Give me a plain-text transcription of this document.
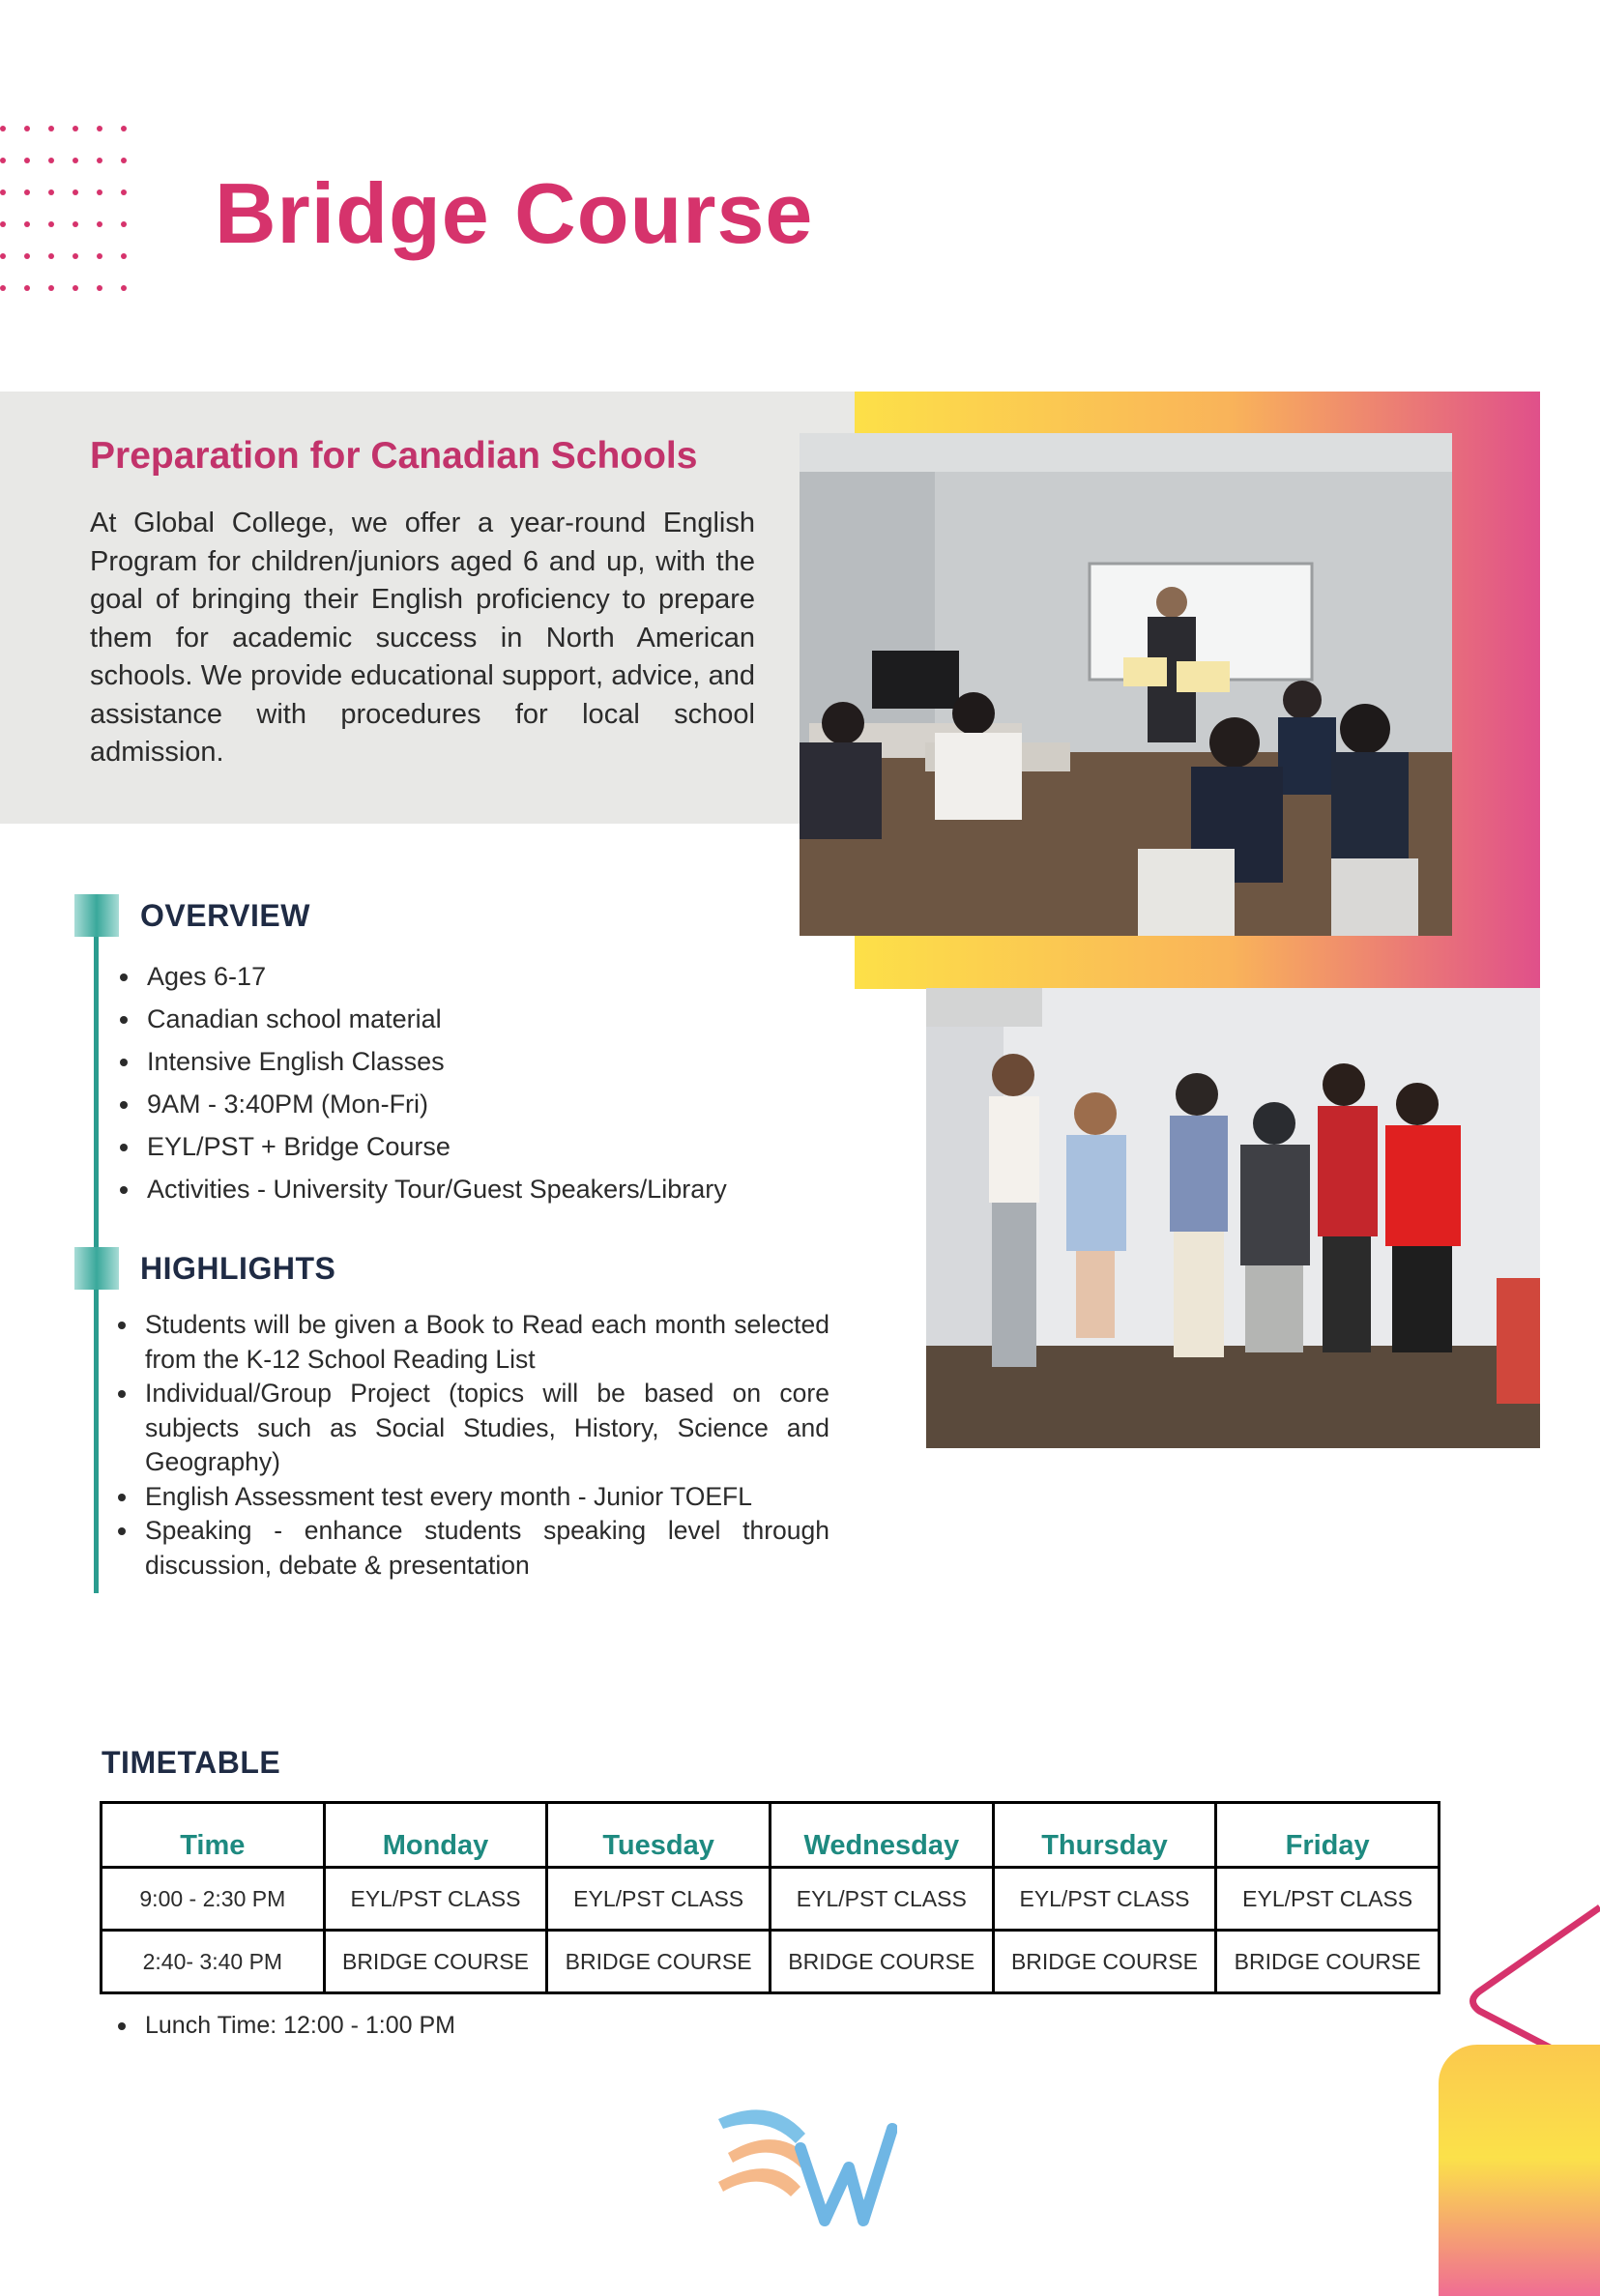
Bridge Course
Preparation for Canadian Schools

At Global College, we offer a year-round English Program for children/juniors aged 6 and up, with the goal of bringing their English proficiency to prepare them for academic success in North American schools. We provide educational support, advice, and assistance with procedures for local school admission.

OVERVIEW
Ages 6-17
Canadian school material
Intensive English Classes
9AM - 3:40PM (Mon-Fri)
EYL/PST + Bridge Course
Activities - University Tour/Guest Speakers/Library
HIGHLIGHTS
Students will be given a Book to Read each month selected from the K-12 School Reading List
Individual/Group Project (topics will be based on core subjects such as Social Studies, History, Science and Geography)
English Assessment test every month - Junior TOEFL
Speaking - enhance students speaking level through discussion, debate & presentation
TIMETABLE
Time	Monday	Tuesday	Wednesday	Thursday	Friday
9:00 - 2:30 PM	EYL/PST CLASS	EYL/PST CLASS	EYL/PST CLASS	EYL/PST CLASS	EYL/PST CLASS
2:40- 3:40 PM	BRIDGE COURSE	BRIDGE COURSE	BRIDGE COURSE	BRIDGE COURSE	BRIDGE COURSE
Lunch Time: 12:00 - 1:00 PM
